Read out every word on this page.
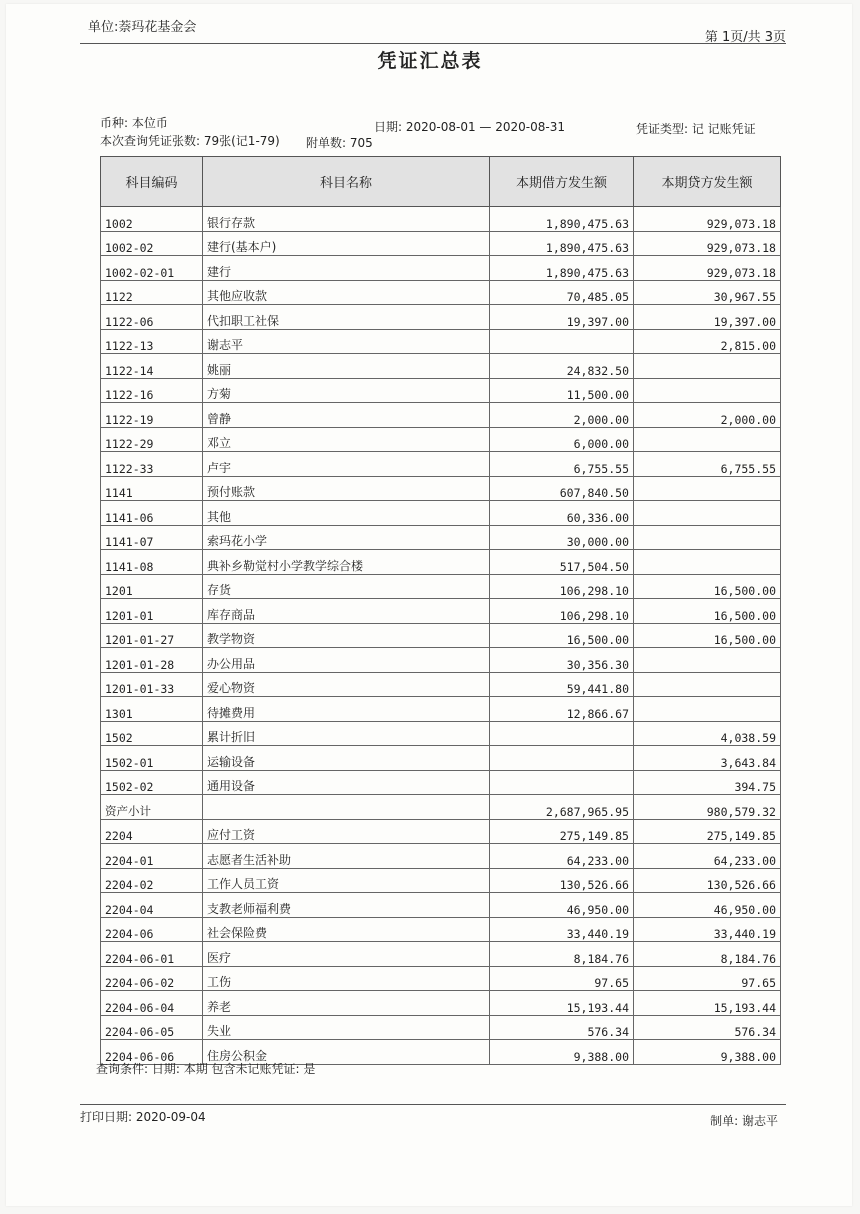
单位:萘玛花基金会
第 1页/共 3页
凭证汇总表
币种: 本位币	日期: 2020-08-01 — 2020-08-31	凭证类型: 记 记账凭证
本次查询凭证张数: 79张(记1-79) 附单数: 705
科目编码	科目名称	本期借方发生额	本期贷方发生额
1002	银行存款	1,890,475.63	929,073.18
1002-02	建行(基本户)	1,890,475.63	929,073.18
1002-02-01	建行	1,890,475.63	929,073.18
1122	其他应收款	70,485.05	30,967.55
1122-06	代扣职工社保	19,397.00	19,397.00
1122-13	谢志平		2,815.00
1122-14	姚丽	24,832.50	
1122-16	方菊	11,500.00	
1122-19	曾静	2,000.00	2,000.00
1122-29	邓立	6,000.00	
1122-33	卢宇	6,755.55	6,755.55
1141	预付账款	607,840.50	
1141-06	其他	60,336.00	
1141-07	索玛花小学	30,000.00	
1141-08	典补乡勒觉村小学教学综合楼	517,504.50	
1201	存货	106,298.10	16,500.00
1201-01	库存商品	106,298.10	16,500.00
1201-01-27	教学物资	16,500.00	16,500.00
1201-01-28	办公用品	30,356.30	
1201-01-33	爱心物资	59,441.80	
1301	待摊费用	12,866.67	
1502	累计折旧		4,038.59
1502-01	运输设备		3,643.84
1502-02	通用设备		394.75
资产小计		2,687,965.95	980,579.32
2204	应付工资	275,149.85	275,149.85
2204-01	志愿者生活补助	64,233.00	64,233.00
2204-02	工作人员工资	130,526.66	130,526.66
2204-04	支教老师福利费	46,950.00	46,950.00
2204-06	社会保险费	33,440.19	33,440.19
2204-06-01	医疗	8,184.76	8,184.76
2204-06-02	工伤	97.65	97.65
2204-06-04	养老	15,193.44	15,193.44
2204-06-05	失业	576.34	576.34
2204-06-06	住房公积金	9,388.00	9,388.00
查询条件: 日期: 本期 包含未记账凭证: 是
打印日期: 2020-09-04	制单: 谢志平
